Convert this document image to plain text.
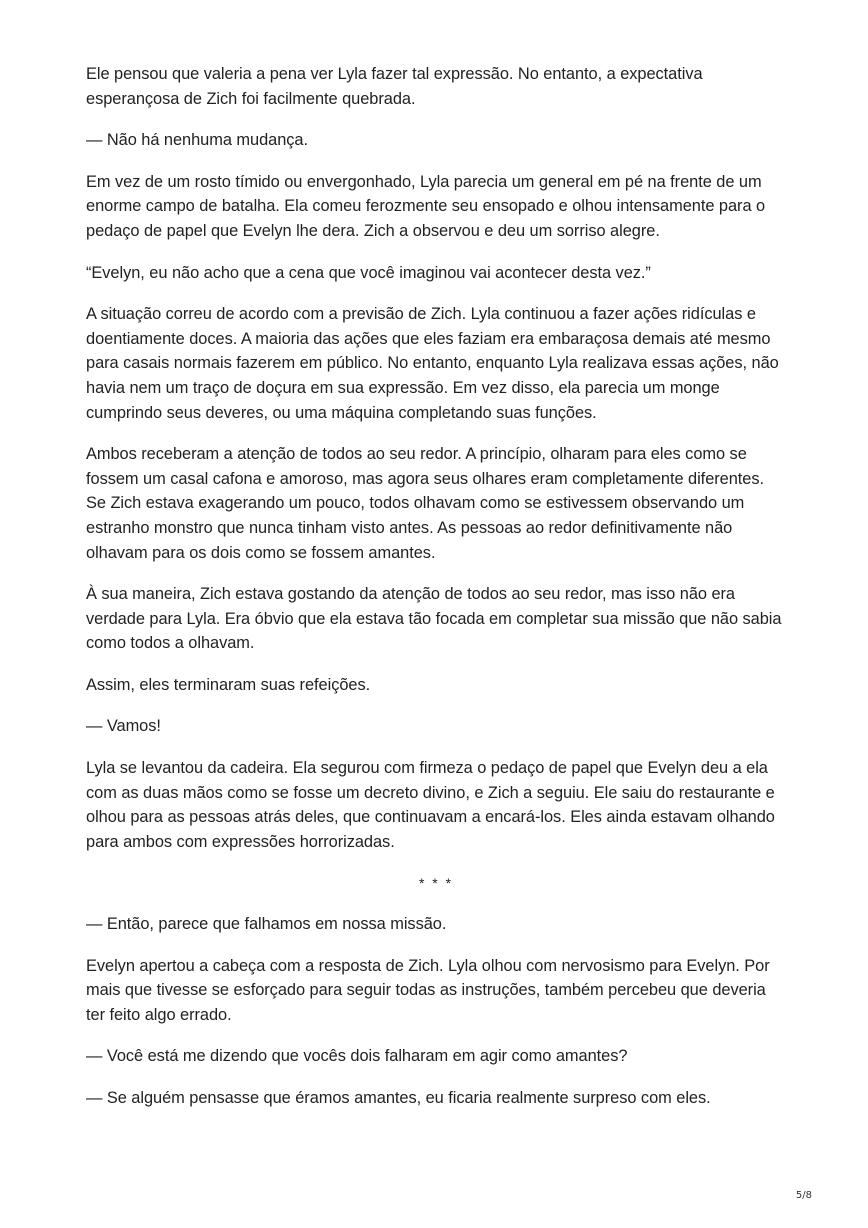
Ele pensou que valeria a pena ver Lyla fazer tal expressão. No entanto, a expectativa esperançosa de Zich foi facilmente quebrada.

— Não há nenhuma mudança.

Em vez de um rosto tímido ou envergonhado, Lyla parecia um general em pé na frente de um enorme campo de batalha. Ela comeu ferozmente seu ensopado e olhou intensamente para o pedaço de papel que Evelyn lhe dera. Zich a observou e deu um sorriso alegre.

“Evelyn, eu não acho que a cena que você imaginou vai acontecer desta vez.”

A situação correu de acordo com a previsão de Zich. Lyla continuou a fazer ações ridículas e doentiamente doces. A maioria das ações que eles faziam era embaraçosa demais até mesmo para casais normais fazerem em público. No entanto, enquanto Lyla realizava essas ações, não havia nem um traço de doçura em sua expressão. Em vez disso, ela parecia um monge cumprindo seus deveres, ou uma máquina completando suas funções.

Ambos receberam a atenção de todos ao seu redor. A princípio, olharam para eles como se fossem um casal cafona e amoroso, mas agora seus olhares eram completamente diferentes. Se Zich estava exagerando um pouco, todos olhavam como se estivessem observando um estranho monstro que nunca tinham visto antes. As pessoas ao redor definitivamente não olhavam para os dois como se fossem amantes.

À sua maneira, Zich estava gostando da atenção de todos ao seu redor, mas isso não era verdade para Lyla. Era óbvio que ela estava tão focada em completar sua missão que não sabia como todos a olhavam.

Assim, eles terminaram suas refeições.

— Vamos!

Lyla se levantou da cadeira. Ela segurou com firmeza o pedaço de papel que Evelyn deu a ela com as duas mãos como se fosse um decreto divino, e Zich a seguiu. Ele saiu do restaurante e olhou para as pessoas atrás deles, que continuavam a encará-los. Eles ainda estavam olhando para ambos com expressões horrorizadas.

* * *

— Então, parece que falhamos em nossa missão.

Evelyn apertou a cabeça com a resposta de Zich. Lyla olhou com nervosismo para Evelyn. Por mais que tivesse se esforçado para seguir todas as instruções, também percebeu que deveria ter feito algo errado.

— Você está me dizendo que vocês dois falharam em agir como amantes?

— Se alguém pensasse que éramos amantes, eu ficaria realmente surpreso com eles.

5/8
